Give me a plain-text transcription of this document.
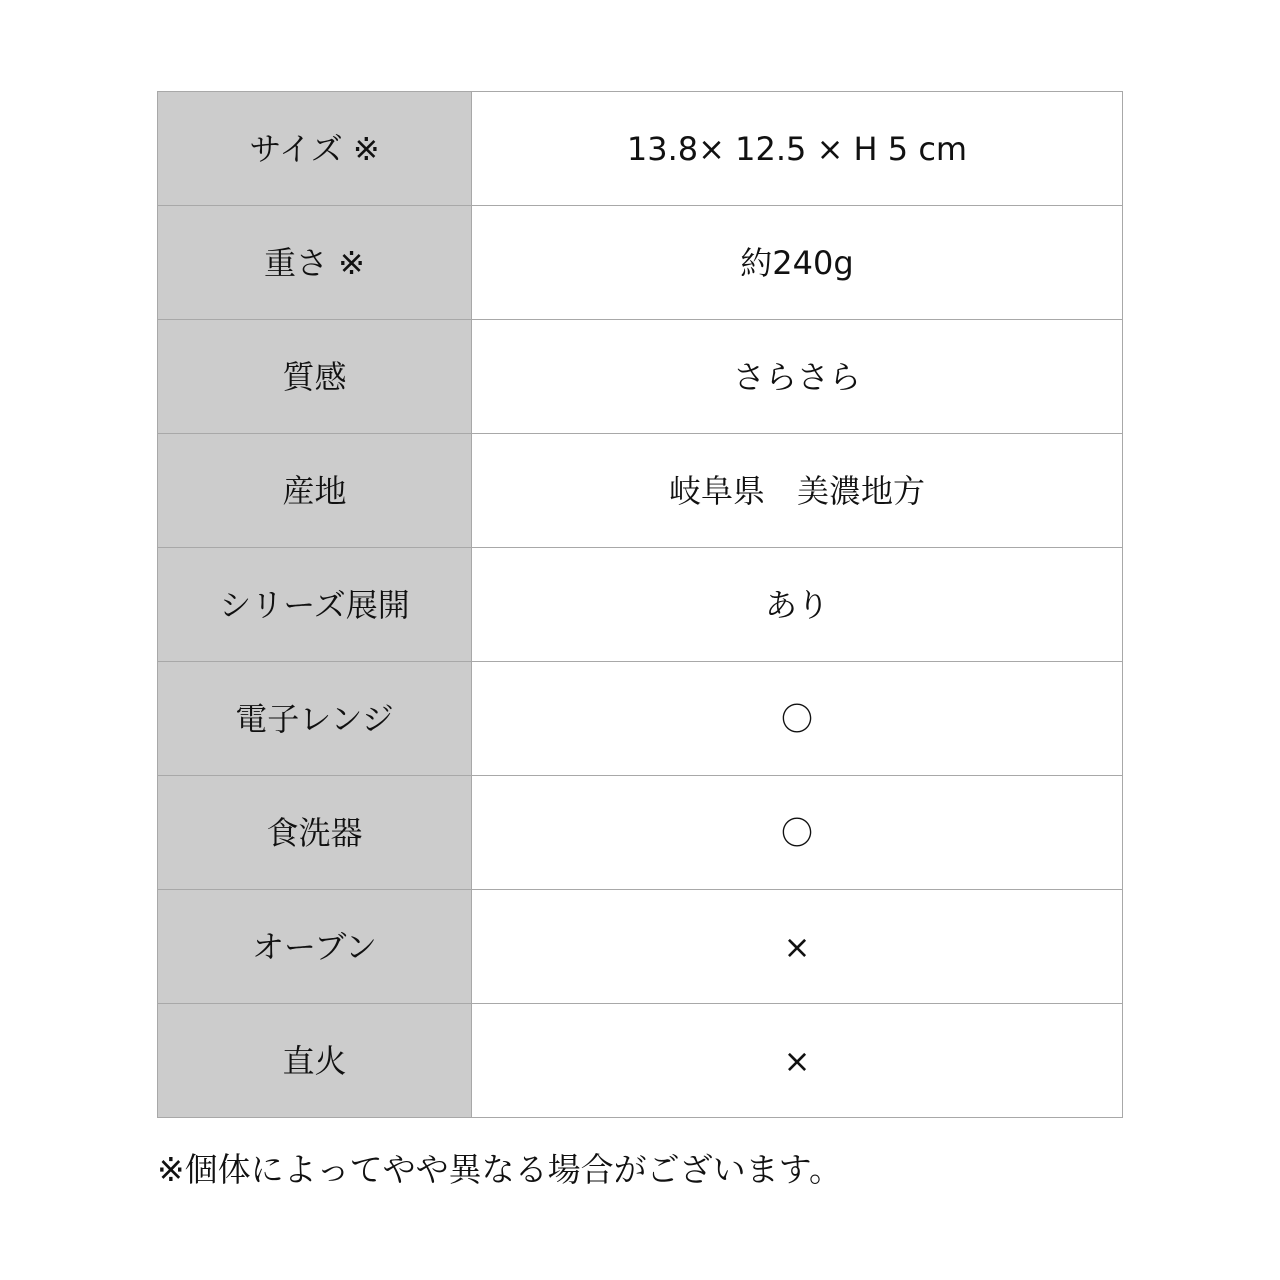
サイズ ※	13.8× 12.5 × H 5 cm
重さ ※	約240g
質感	さらさら
産地	岐阜県　美濃地方
シリーズ展開	あり
電子レンジ	〇
食洗器	〇
オーブン	×
直火	×
※個体によってやや異なる場合がございます。
